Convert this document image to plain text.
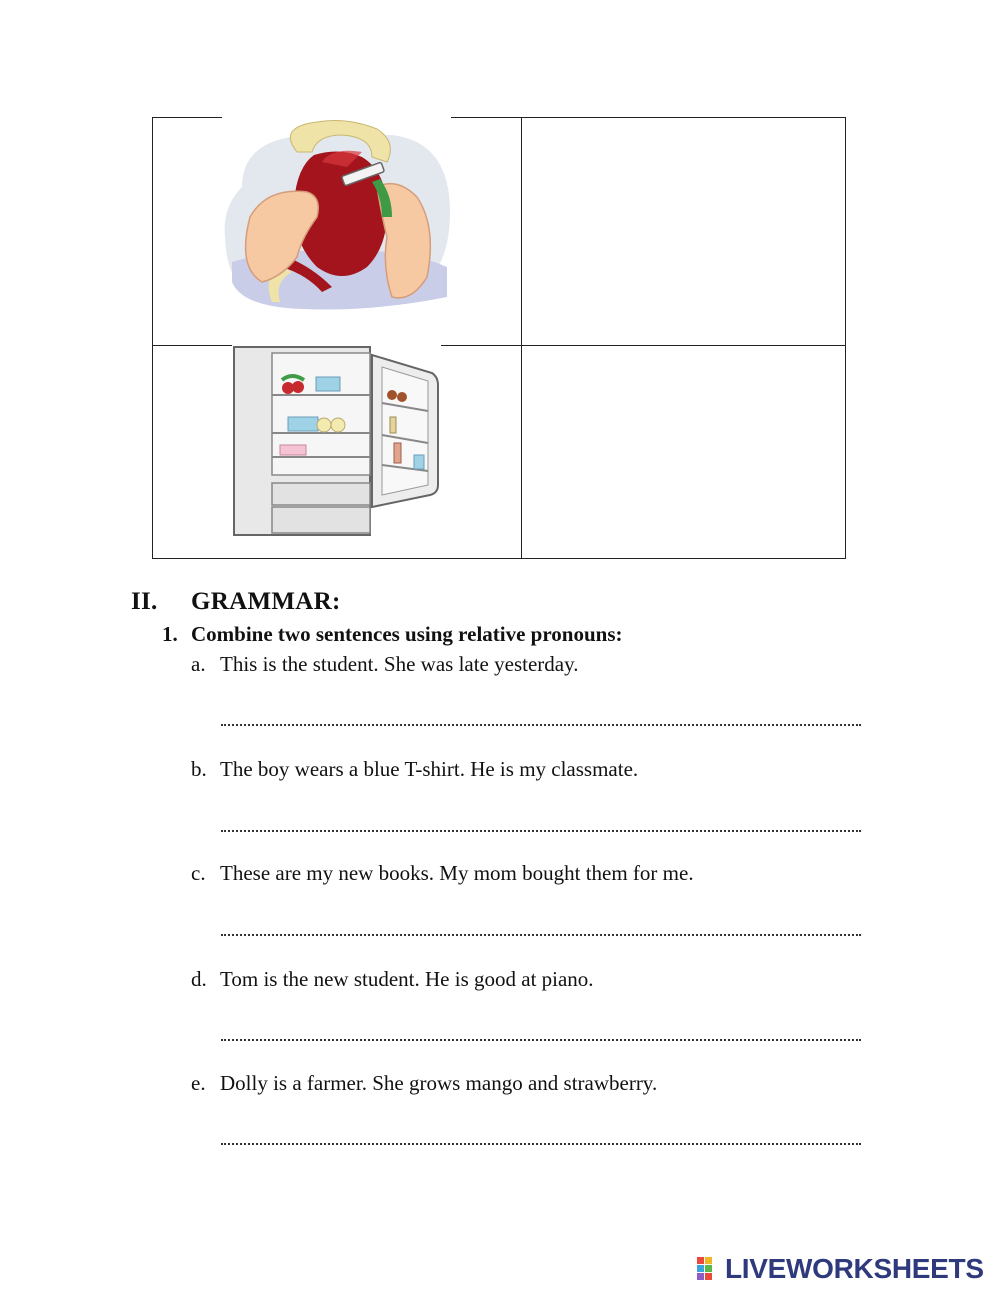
II. GRAMMAR:
1. Combine two sentences using relative pronouns:
a. This is the student. She was late yesterday.
b. The boy wears a blue T-shirt. He is my classmate.
c. These are my new books. My mom bought them for me.
d. Tom is the new student. He is good at piano.
e. Dolly is a farmer. She grows mango and strawberry.
LIVEWORKSHEETS
